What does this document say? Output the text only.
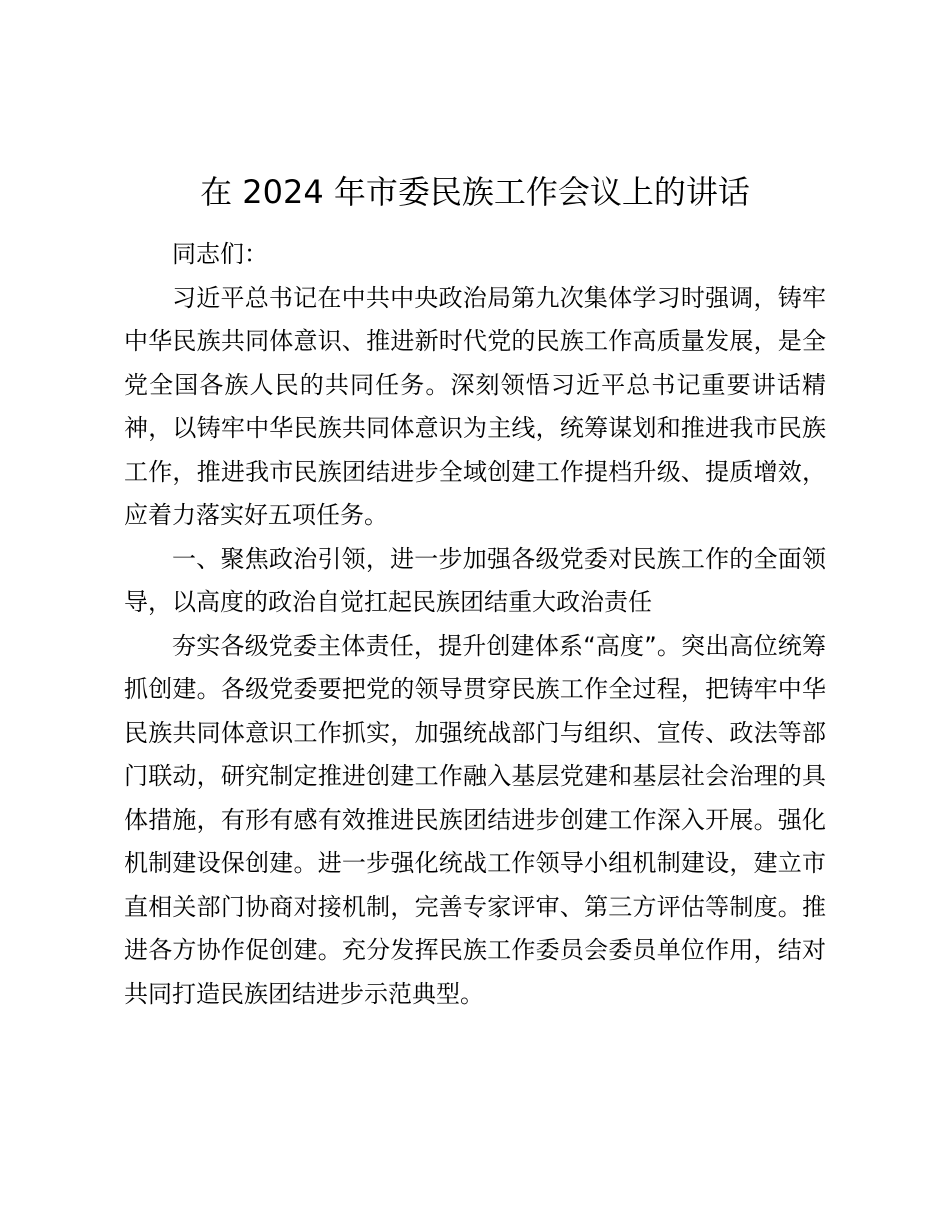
在 2024 年市委民族工作会议上的讲话

同志们：

习近平总书记在中共中央政治局第九次集体学习时强调，铸牢中华民族共同体意识、推进新时代党的民族工作高质量发展，是全党全国各族人民的共同任务。深刻领悟习近平总书记重要讲话精神，以铸牢中华民族共同体意识为主线，统筹谋划和推进我市民族工作，推进我市民族团结进步全域创建工作提档升级、提质增效，应着力落实好五项任务。

一、聚焦政治引领，进一步加强各级党委对民族工作的全面领导，以高度的政治自觉扛起民族团结重大政治责任

夯实各级党委主体责任，提升创建体系“高度”。突出高位统筹抓创建。各级党委要把党的领导贯穿民族工作全过程，把铸牢中华民族共同体意识工作抓实，加强统战部门与组织、宣传、政法等部门联动，研究制定推进创建工作融入基层党建和基层社会治理的具体措施，有形有感有效推进民族团结进步创建工作深入开展。强化机制建设保创建。进一步强化统战工作领导小组机制建设，建立市直相关部门协商对接机制，完善专家评审、第三方评估等制度。推进各方协作促创建。充分发挥民族工作委员会委员单位作用，结对共同打造民族团结进步示范典型。
